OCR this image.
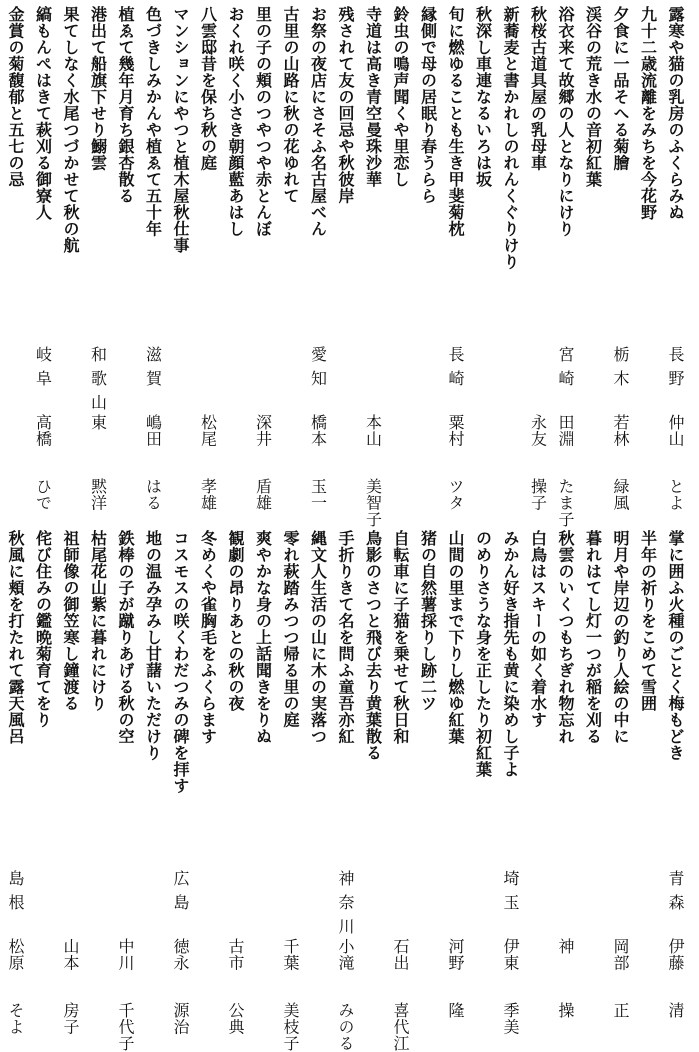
露寒や猫の乳房のふくらみぬ
長野
仲山
とよ
九十二歳流離をみちを今花野
夕食に一品そへる菊膾
栃木
若林
緑風
渓谷の荒き水の音初紅葉
浴衣来て故郷の人となりにけり
宮崎
田淵
たま子
秋桜古道具屋の乳母車
永友
操子
新蕎麦と書かれしのれんくぐりけり
秋深し車連なるいろは坂
旬に燃ゆることも生き甲斐菊枕
長崎
粟村
ツタ
縁側で母の居眠り春うらら
鈴虫の鳴声聞くや里恋し
寺道は高き青空曼珠沙華
本山
美智子
残されて友の回忌や秋彼岸
お祭の夜店にさそふ名古屋べん
愛知
橋本
玉一
古里の山路に秋の花ゆれて
里の子の頬のつやつや赤とんぼ
深井
盾雄
おくれ咲く小さき朝顔藍あはし
八雲邸昔を保ち秋の庭
松尾
孝雄
マンションにやつと植木屋秋仕事
色づきしみかんや植ゑて五十年
滋賀
嶋田
はる
植ゑて幾年月育ち銀杏散る
港出て船旗下せり鰯雲
和歌山
東
黙洋
果てしなく水尾つづかせて秋の航
縞もんぺはきて萩刈る御寮人
岐阜
高橋
ひで
金賞の菊馥郁と五七の忌
掌に囲ふ火種のごとく梅もどき
青森
伊藤
清
半年の祈りをこめて雪囲
明月や岸辺の釣り人絵の中に
岡部
正
暮れはてし灯一つが稲を刈る
秋雲のいくつもちぎれ物忘れ
神
操
白鳥はスキーの如く着水す
みかん好き指先も黄に染めし子よ
埼玉
伊東
季美
のめりさうな身を正したり初紅葉
山間の里まで下りし燃ゆ紅葉
河野
隆
猪の自然薯採りし跡二ツ
自転車に子猫を乗せて秋日和
石出
喜代江
鳥影のさつと飛び去り黄葉散る
手折りきて名を問ふ童吾亦紅
神奈川
小滝
みのる
縄文人生活の山に木の実落つ
零れ萩踏みつつ帰る里の庭
千葉
美枝子
爽やかな身の上話聞きをりぬ
観劇の昂りあとの秋の夜
古市
公典
冬めくや雀胸毛をふくらます
コスモスの咲くわだつみの碑を拝す
広島
徳永
源治
地の温み孕みし甘藷いただけり
鉄棒の子が蹴りあげる秋の空
中川
千代子
枯尾花山紫に暮れにけり
祖師像の御笠寒し鐘渡る
山本
房子
侘び住みの鑑晩菊育てをり
秋風に頬を打たれて露天風呂
島根
松原
そよ
